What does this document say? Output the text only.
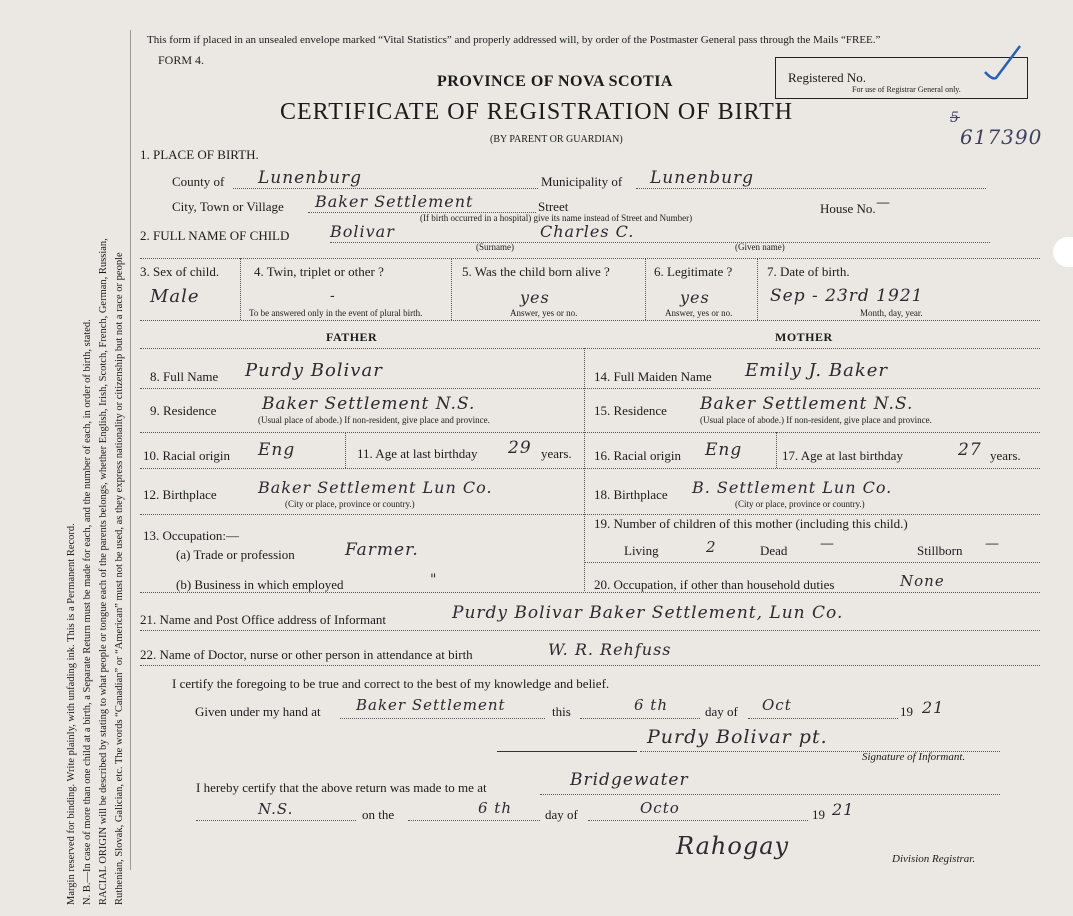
Margin reserved for binding. Write plainly, with unfading ink. This is a Permanent Record. N. B.—In case of more than one child at a birth, a Separate Return must be made for each, and the number of each, in order of birth, stated. RACIAL ORIGIN will be described by stating to what people or tongue each of the parents belongs, whether English, Irish, Scotch, French, German, Russian, Ruthenian, Slovak, Galician, etc. The words “Canadian” or “American” must not be used, as they express nationality or citizenship but not a race or people
This form if placed in an unsealed envelope marked “Vital Statistics” and properly addressed will, by order of the Postmaster General pass through the Mails “FREE.”
FORM 4.
PROVINCE OF NOVA SCOTIA
CERTIFICATE OF REGISTRATION OF BIRTH
(BY PARENT OR GUARDIAN)
Registered No.
For use of Registrar General only.
5
617390
1. PLACE OF BIRTH.
County of Lunenburg	Municipality of Lunenburg
City, Town or Village Baker Settlement	Street
(If birth occurred in a hospital) give its name instead of Street and Number)
House No. —
2. FULL NAME OF CHILD	Bolivar	Charles C.
(Surname)	(Given name)
3. Sex of child.
Male
4. Twin, triplet or other ?
-
To be answered only in the event of plural birth.
5. Was the child born alive ?
yes
Answer, yes or no.
6. Legitimate ?
yes
Answer, yes or no.
7. Date of birth.
Sep - 23rd 1921
Month, day, year.
FATHER	MOTHER
8. Full Name Purdy Bolivar
9. Residence	Baker Settlement N.S.
(Usual place of abode.) If non-resident, give place and province.
10. Racial origin Eng	11. Age at last birthday 29 years.
12. Birthplace	Baker Settlement Lun Co.
(City or place, province or country.)
13. Occupation:—
(a) Trade or profession	Farmer.
(b) Business in which employed	"
14. Full Maiden Name Emily J. Baker
15. Residence Baker Settlement N.S.
(Usual place of abode.) If non-resident, give place and province.
16. Racial origin Eng	17. Age at last birthday	27 years.
18. Birthplace B. Settlement Lun Co.
(City or place, province or country.)
19. Number of children of this mother (including this child.)
Living	2	Dead —	Stillborn —
20. Occupation, if other than household duties	None
21. Name and Post Office address of Informant	Purdy Bolivar Baker Settlement, Lun Co.
22. Name of Doctor, nurse or other person in attendance at birth	W. R. Rehfuss
I certify the foregoing to be true and correct to the best of my knowledge and belief.
Given under my hand at Baker Settlement	this	6 th	day of Oct	19 21
Purdy Bolivar pt.
Signature of Informant.
I hereby certify that the above return was made to me at	Bridgewater
N.S.	on the	6 th	day of	Octo	19 21
Rahogay	Division Registrar.
